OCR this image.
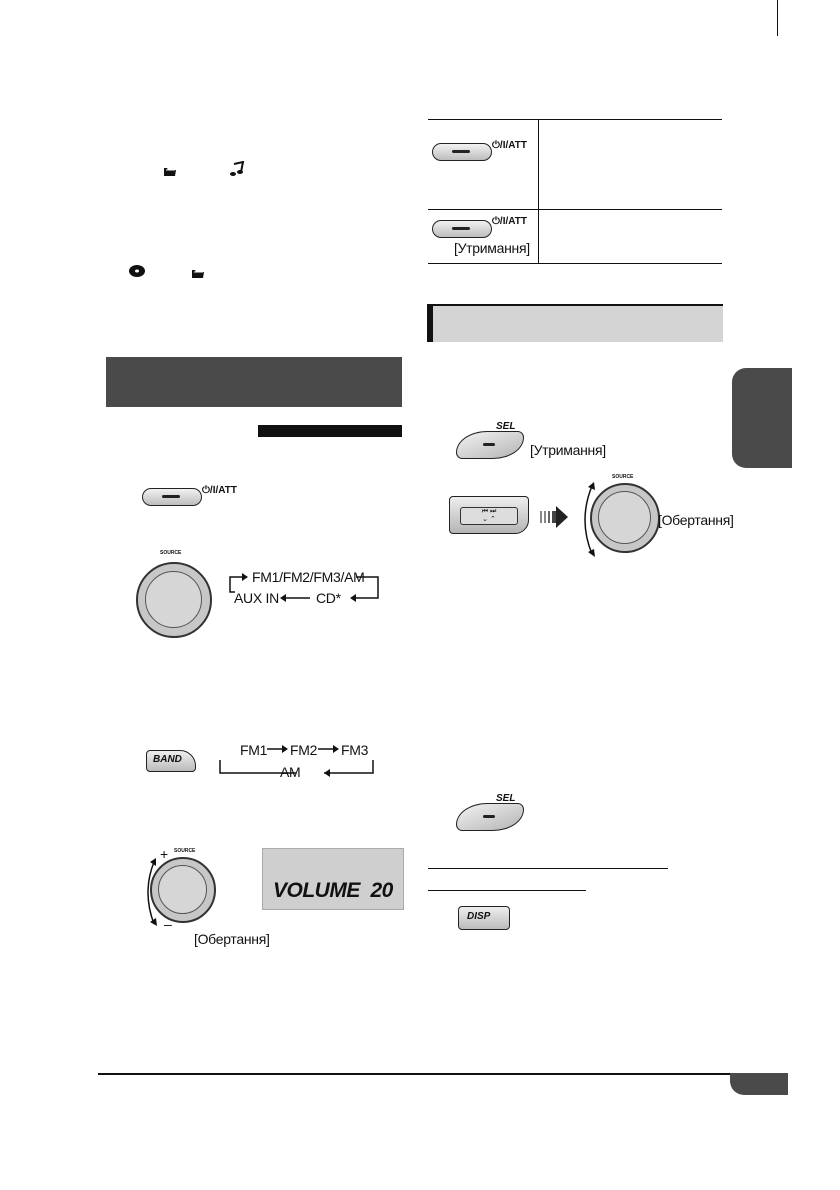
⏻/I/ATT
SOURCE
FM1/FM2/FM3/AM
AUX IN	CD*
BAND
FM1 FM2 FM3
AM
SOURCE
+
–
[Обертання]
VOLUME  20
⏻/I/ATT
⏻/I/ATT
[Утримання]
SEL
[Утримання]
⏮ ⏭
⌄ ⌃
SOURCE
[Обертання]
SEL
DISP
